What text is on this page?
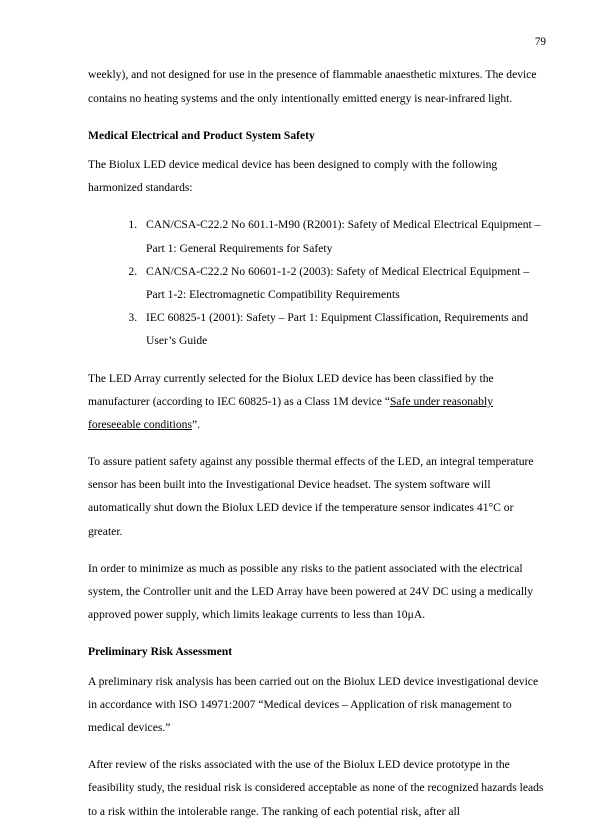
79

weekly), and not designed for use in the presence of flammable anaesthetic mixtures. The device contains no heating systems and the only intentionally emitted energy is near-infrared light.

Medical Electrical and Product System Safety

The Biolux LED device medical device has been designed to comply with the following harmonized standards:

1. CAN/CSA-C22.2 No 601.1-M90 (R2001): Safety of Medical Electrical Equipment – Part 1: General Requirements for Safety
2. CAN/CSA-C22.2 No 60601-1-2 (2003): Safety of Medical Electrical Equipment – Part 1-2: Electromagnetic Compatibility Requirements
3. IEC 60825-1 (2001): Safety – Part 1: Equipment Classification, Requirements and User’s Guide

The LED Array currently selected for the Biolux LED device has been classified by the manufacturer (according to IEC 60825-1) as a Class 1M device “Safe under reasonably foreseeable conditions”.

To assure patient safety against any possible thermal effects of the LED, an integral temperature sensor has been built into the Investigational Device headset. The system software will automatically shut down the Biolux LED device if the temperature sensor indicates 41°C or greater.

In order to minimize as much as possible any risks to the patient associated with the electrical system, the Controller unit and the LED Array have been powered at 24V DC using a medically approved power supply, which limits leakage currents to less than 10μA.

Preliminary Risk Assessment

A preliminary risk analysis has been carried out on the Biolux LED device investigational device in accordance with ISO 14971:2007 “Medical devices – Application of risk management to medical devices.”

After review of the risks associated with the use of the Biolux LED device prototype in the feasibility study, the residual risk is considered acceptable as none of the recognized hazards leads to a risk within the intolerable range. The ranking of each potential risk, after all
